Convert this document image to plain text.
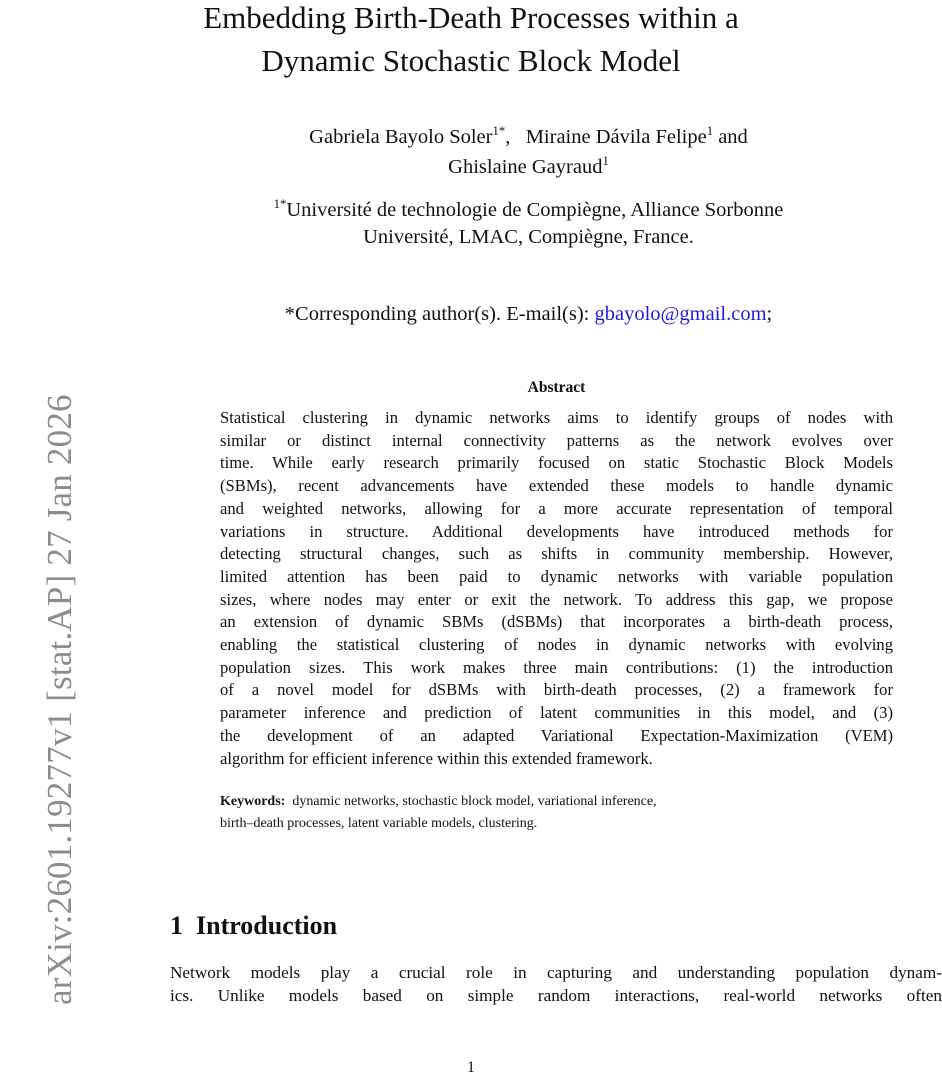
arXiv:2601.19277v1 [stat.AP] 27 Jan 2026
Embedding Birth-Death Processes within a
Dynamic Stochastic Block Model
Gabriela Bayolo Soler$^{1*}$,   Miraine Dávila Felipe$^1$ and
Ghislaine Gayraud$^1$
$^{1*}$Université de technologie de Compiègne, Alliance Sorbonne
Université, LMAC, Compiègne, France.
*Corresponding author(s). E-mail(s): gbayolo@gmail.com;
Abstract
Statistical clustering in dynamic networks aims to identify groups of nodes with
similar or distinct internal connectivity patterns as the network evolves over
time. While early research primarily focused on static Stochastic Block Models
(SBMs), recent advancements have extended these models to handle dynamic
and weighted networks, allowing for a more accurate representation of temporal
variations in structure. Additional developments have introduced methods for
detecting structural changes, such as shifts in community membership. However,
limited attention has been paid to dynamic networks with variable population
sizes, where nodes may enter or exit the network. To address this gap, we propose
an extension of dynamic SBMs (dSBMs) that incorporates a birth-death process,
enabling the statistical clustering of nodes in dynamic networks with evolving
population sizes. This work makes three main contributions: (1) the introduction
of a novel model for dSBMs with birth-death processes, (2) a framework for
parameter inference and prediction of latent communities in this model, and (3)
the development of an adapted Variational Expectation-Maximization (VEM)
algorithm for efficient inference within this extended framework.
Keywords: dynamic networks, stochastic block model, variational inference,
birth–death processes, latent variable models, clustering.
1 Introduction
Network models play a crucial role in capturing and understanding population dynam-
ics. Unlike models based on simple random interactions, real-world networks often
1
